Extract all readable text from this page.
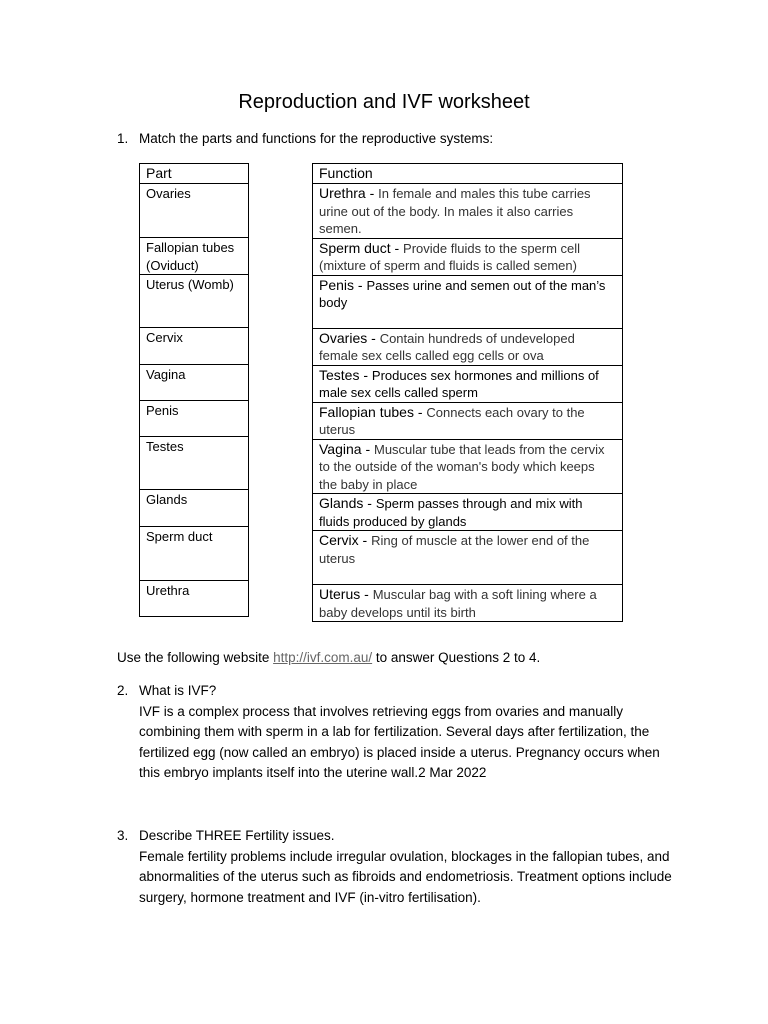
Reproduction and IVF worksheet
1. Match the parts and functions for the reproductive systems:
Part
Ovaries
Fallopian tubes (Oviduct)
Uterus (Womb)
Cervix
Vagina
Penis
Testes
Glands
Sperm duct
Urethra
Function
Urethra - In female and males this tube carries urine out of the body. In males it also carries semen.
Sperm duct - Provide fluids to the sperm cell (mixture of sperm and fluids is called semen)
Penis - Passes urine and semen out of the man’s body
Ovaries - Contain hundreds of undeveloped female sex cells called egg cells or ova
Testes - Produces sex hormones and millions of male sex cells called sperm
Fallopian tubes - Connects each ovary to the uterus
Vagina - Muscular tube that leads from the cervix to the outside of the woman's body which keeps the baby in place
Glands - Sperm passes through and mix with fluids produced by glands
Cervix - Ring of muscle at the lower end of the uterus
Uterus - Muscular bag with a soft lining where a baby develops until its birth
Use the following website http://ivf.com.au/ to answer Questions 2 to 4.
2. What is IVF?
IVF is a complex process that involves retrieving eggs from ovaries and manually combining them with sperm in a lab for fertilization. Several days after fertilization, the fertilized egg (now called an embryo) is placed inside a uterus. Pregnancy occurs when this embryo implants itself into the uterine wall.2 Mar 2022
3. Describe THREE Fertility issues.
Female fertility problems include irregular ovulation, blockages in the fallopian tubes, and abnormalities of the uterus such as fibroids and endometriosis. Treatment options include surgery, hormone treatment and IVF (in-vitro fertilisation).
